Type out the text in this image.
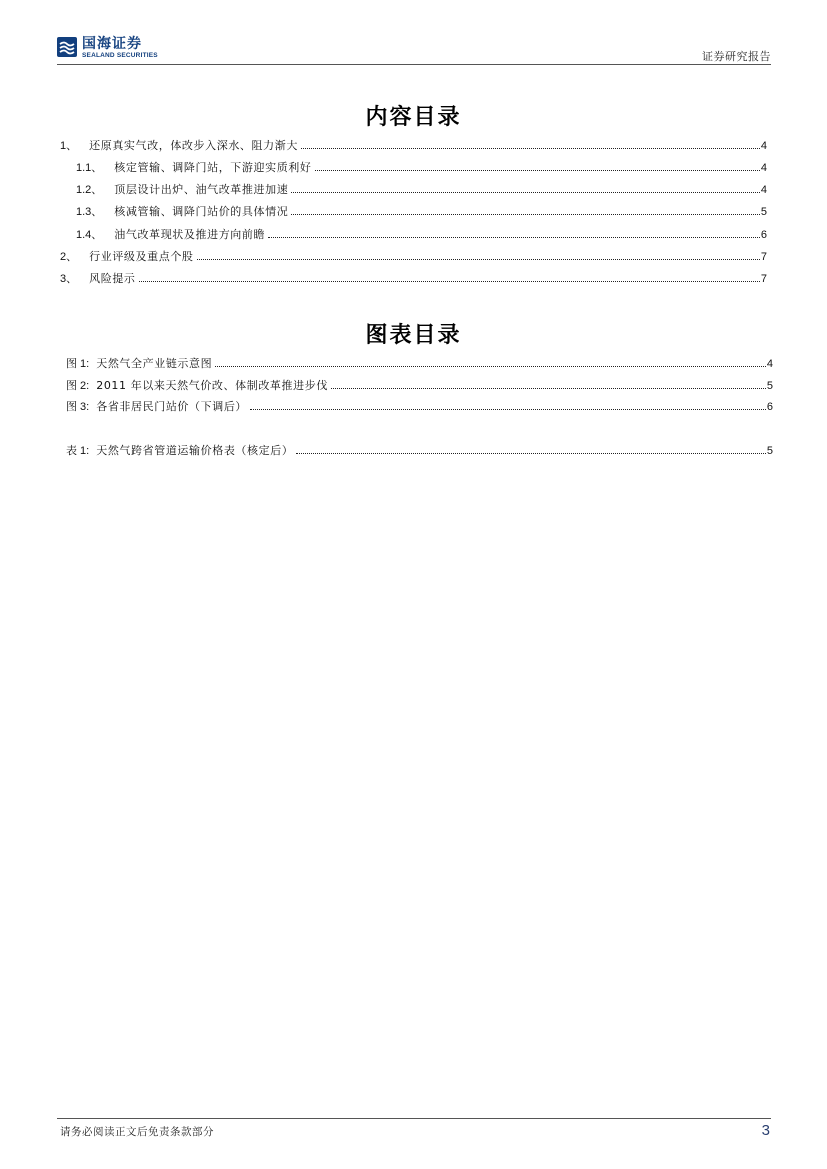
国海证券
SEALAND SECURITIES	证券研究报告
内容目录
1、 还原真实气改，体改步入深水、阻力渐大	4
1.1、 核定管输、调降门站，下游迎实质利好	4
1.2、 顶层设计出炉、油气改革推进加速	4
1.3、 核减管输、调降门站价的具体情况	5
1.4、 油气改革现状及推进方向前瞻	6
2、 行业评级及重点个股	7
3、 风险提示	7
图表目录
图 1: 天然气全产业链示意图	4
图 2: 2011 年以来天然气价改、体制改革推进步伐	5
图 3: 各省非居民门站价（下调后）	6
表 1: 天然气跨省管道运输价格表（核定后）	5
请务必阅读正文后免责条款部分	3
